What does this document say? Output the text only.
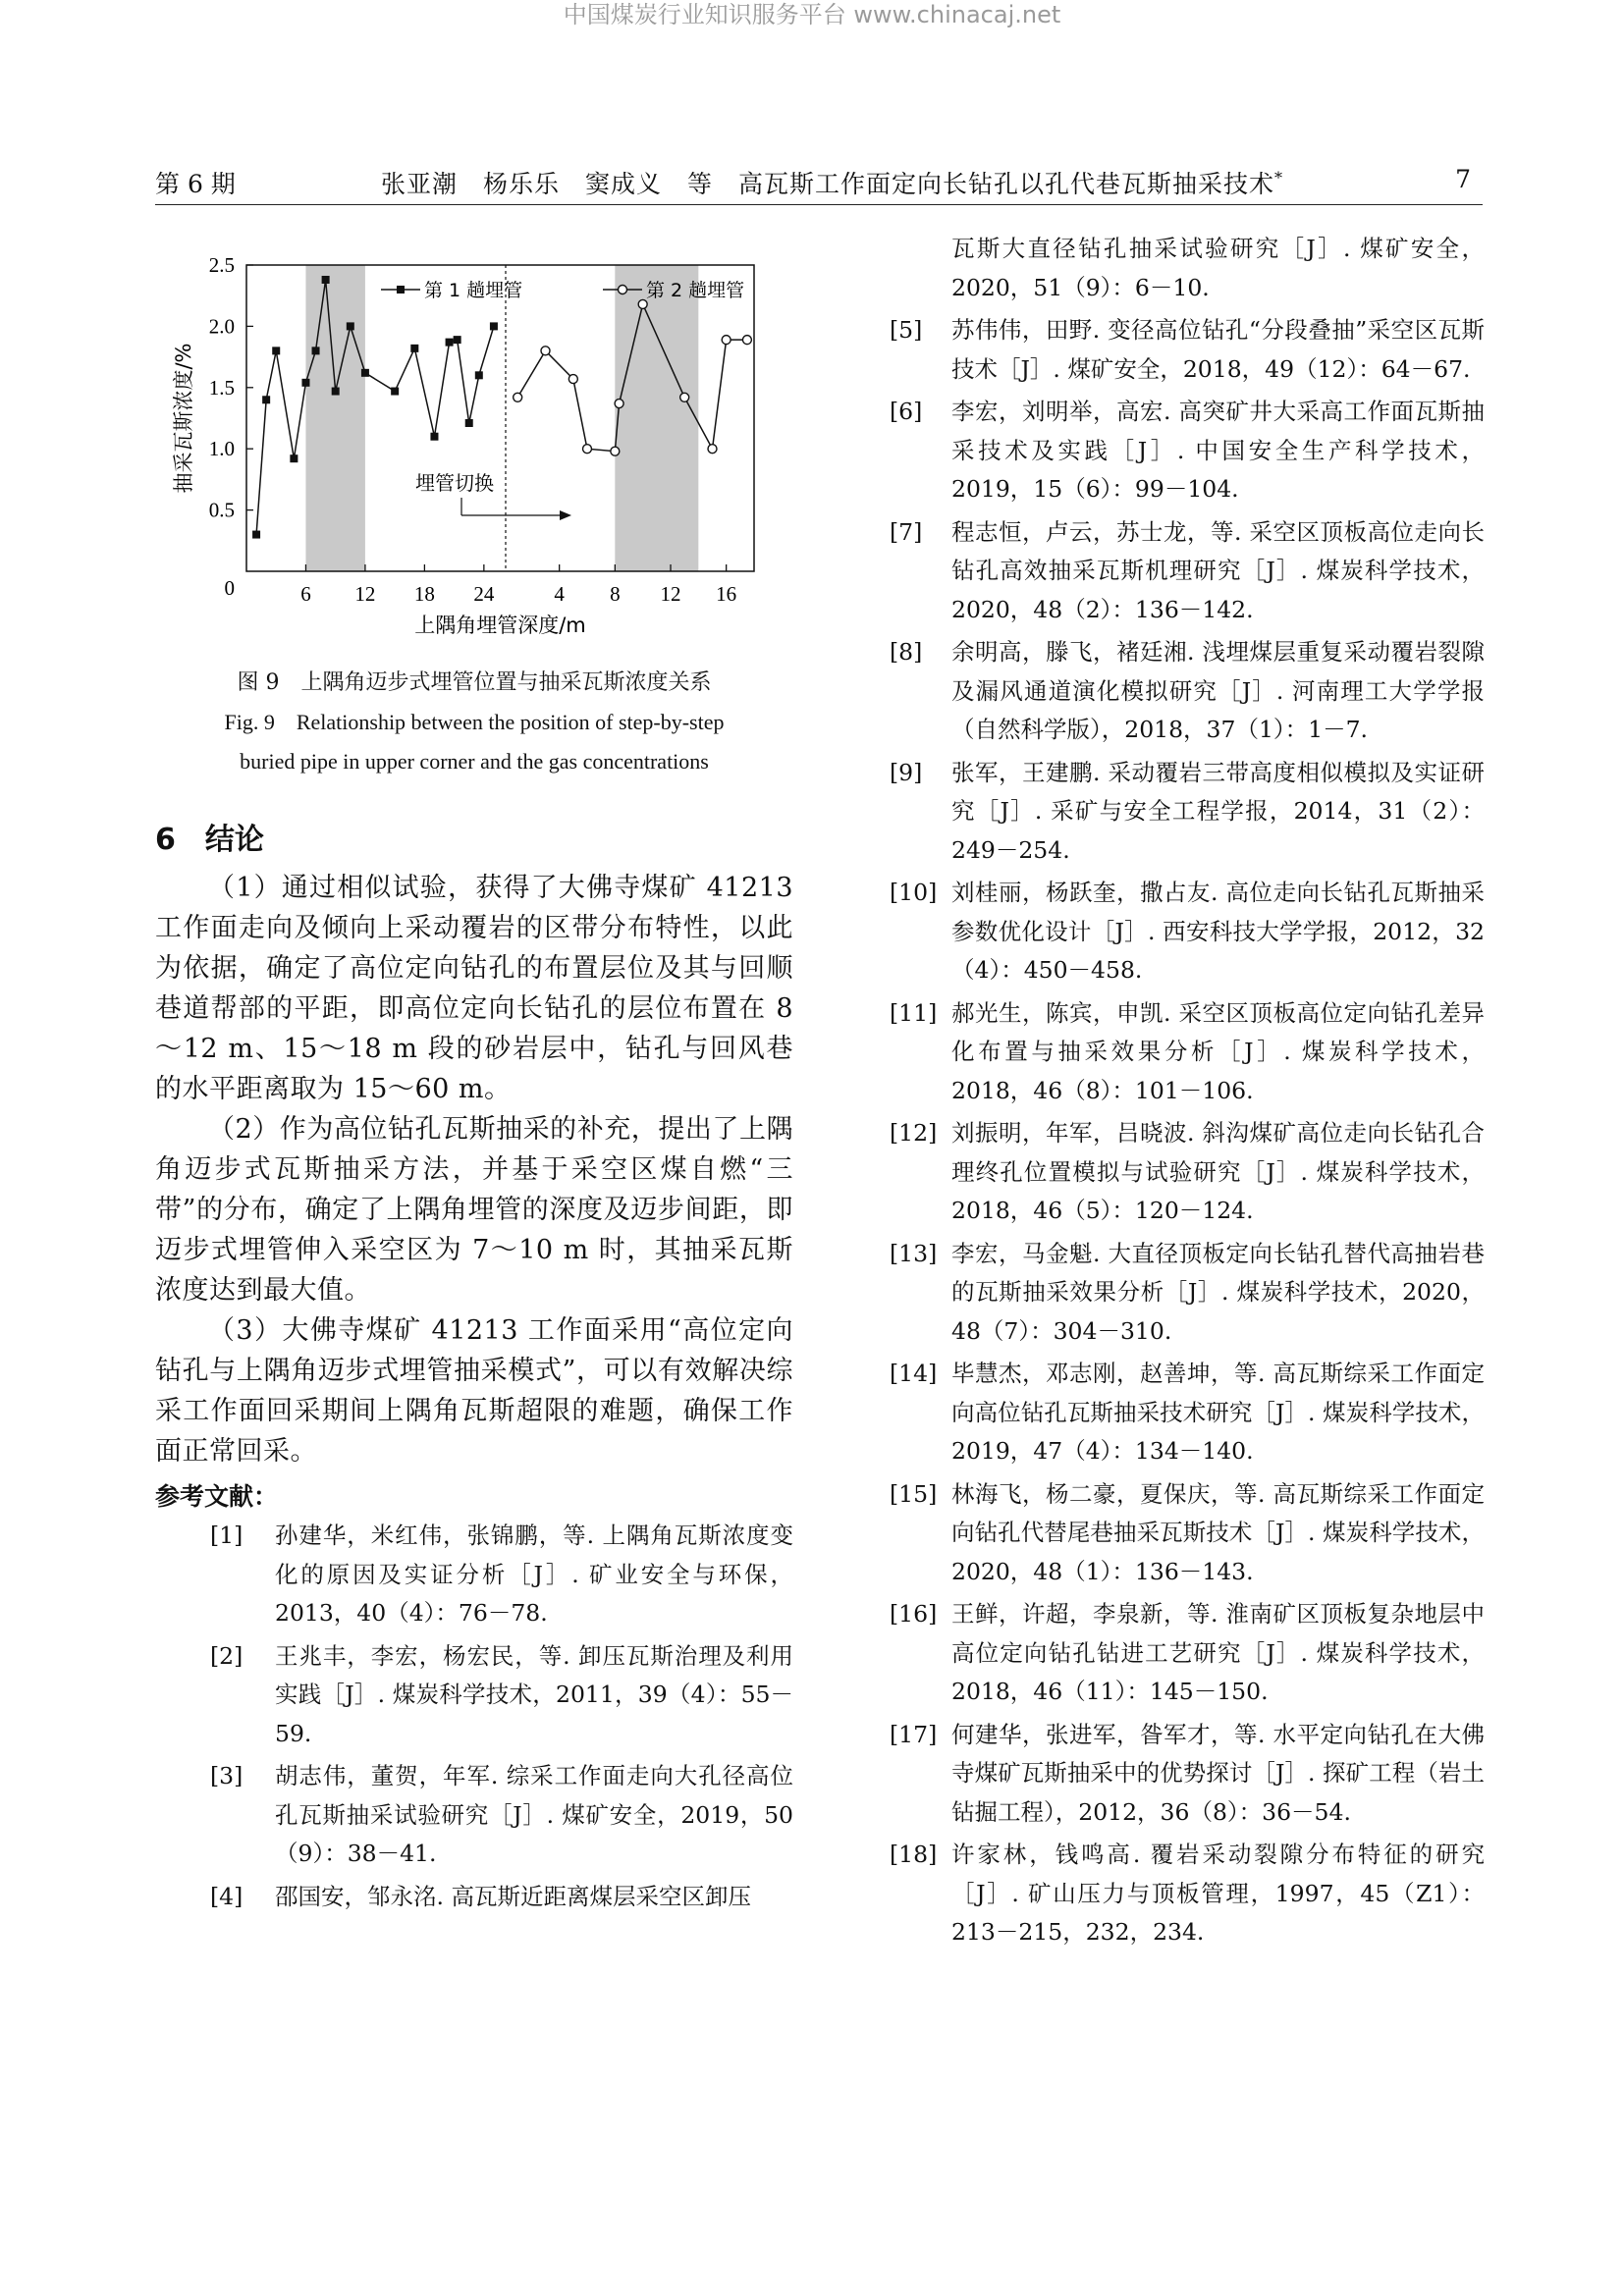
中国煤炭行业知识服务平台 www.chinacaj.net
第 6 期	张亚潮　杨乐乐　窦成义　等　高瓦斯工作面定向长钻孔以孔代巷瓦斯抽采技术*	7
0.5
1.0
1.5
2.0
2.5
0	6 12 18 24	4 8 12 16
埋管切换
第 1 趟埋管	第 2 趟埋管
上隅角埋管深度/m
抽采瓦斯浓度/%
图 9　上隅角迈步式埋管位置与抽采瓦斯浓度关系
Fig. 9　Relationship between the position of step-by-step
buried pipe in upper corner and the gas concentrations
6 结论

（1）通过相似试验，获得了大佛寺煤矿 41213 工作面走向及倾向上采动覆岩的区带分布特性，以此为依据，确定了高位定向钻孔的布置层位及其与回顺巷道帮部的平距，即高位定向长钻孔的层位布置在 8～12 m、15～18 m 段的砂岩层中，钻孔与回风巷的水平距离取为 15～60 m。

（2）作为高位钻孔瓦斯抽采的补充，提出了上隅角迈步式瓦斯抽采方法，并基于采空区煤自燃“三带”的分布，确定了上隅角埋管的深度及迈步间距，即迈步式埋管伸入采空区为 7～10 m 时，其抽采瓦斯浓度达到最大值。

（3）大佛寺煤矿 41213 工作面采用“高位定向钻孔与上隅角迈步式埋管抽采模式”，可以有效解决综采工作面回采期间上隅角瓦斯超限的难题，确保工作面正常回采。

参考文献：
[1] 孙建华，米红伟，张锦鹏，等. 上隅角瓦斯浓度变化的原因及实证分析［J］. 矿业安全与环保，2013，40（4）：76－78.
[2] 王兆丰，李宏，杨宏民，等. 卸压瓦斯治理及利用实践［J］. 煤炭科学技术，2011，39（4）：55－59.
[3] 胡志伟，董贺，年军. 综采工作面走向大孔径高位孔瓦斯抽采试验研究［J］. 煤矿安全，2019，50（9）：38－41.
[4] 邵国安，邹永洺. 高瓦斯近距离煤层采空区卸压
瓦斯大直径钻孔抽采试验研究［J］. 煤矿安全，2020，51（9）：6－10.
[5] 苏伟伟，田野. 变径高位钻孔“分段叠抽”采空区瓦斯技术［J］. 煤矿安全，2018，49（12）：64－67.
[6] 李宏，刘明举，高宏. 高突矿井大采高工作面瓦斯抽采技术及实践［J］. 中国安全生产科学技术，2019，15（6）：99－104.
[7] 程志恒，卢云，苏士龙，等. 采空区顶板高位走向长钻孔高效抽采瓦斯机理研究［J］. 煤炭科学技术，2020，48（2）：136－142.
[8] 余明高，滕飞，褚廷湘. 浅埋煤层重复采动覆岩裂隙及漏风通道演化模拟研究［J］. 河南理工大学学报（自然科学版），2018，37（1）：1－7.
[9] 张军，王建鹏. 采动覆岩三带高度相似模拟及实证研究［J］. 采矿与安全工程学报，2014，31（2）：249－254.
[10] 刘桂丽，杨跃奎，撒占友. 高位走向长钻孔瓦斯抽采参数优化设计［J］. 西安科技大学学报，2012，32（4）：450－458.
[11] 郝光生，陈宾，申凯. 采空区顶板高位定向钻孔差异化布置与抽采效果分析［J］. 煤炭科学技术，2018，46（8）：101－106.
[12] 刘振明，年军，吕晓波. 斜沟煤矿高位走向长钻孔合理终孔位置模拟与试验研究［J］. 煤炭科学技术，2018，46（5）：120－124.
[13] 李宏，马金魁. 大直径顶板定向长钻孔替代高抽岩巷的瓦斯抽采效果分析［J］. 煤炭科学技术，2020，48（7）：304－310.
[14] 毕慧杰，邓志刚，赵善坤，等. 高瓦斯综采工作面定向高位钻孔瓦斯抽采技术研究［J］. 煤炭科学技术，2019，47（4）：134－140.
[15] 林海飞，杨二豪，夏保庆，等. 高瓦斯综采工作面定向钻孔代替尾巷抽采瓦斯技术［J］. 煤炭科学技术，2020，48（1）：136－143.
[16] 王鲜，许超，李泉新，等. 淮南矿区顶板复杂地层中高位定向钻孔钻进工艺研究［J］. 煤炭科学技术，2018，46（11）：145－150.
[17] 何建华，张进军，昝军才，等. 水平定向钻孔在大佛寺煤矿瓦斯抽采中的优势探讨［J］. 探矿工程（岩土钻掘工程），2012，36（8）：36－54.
[18] 许家林，钱鸣高. 覆岩采动裂隙分布特征的研究［J］. 矿山压力与顶板管理，1997，45（Z1）：213－215，232，234.
